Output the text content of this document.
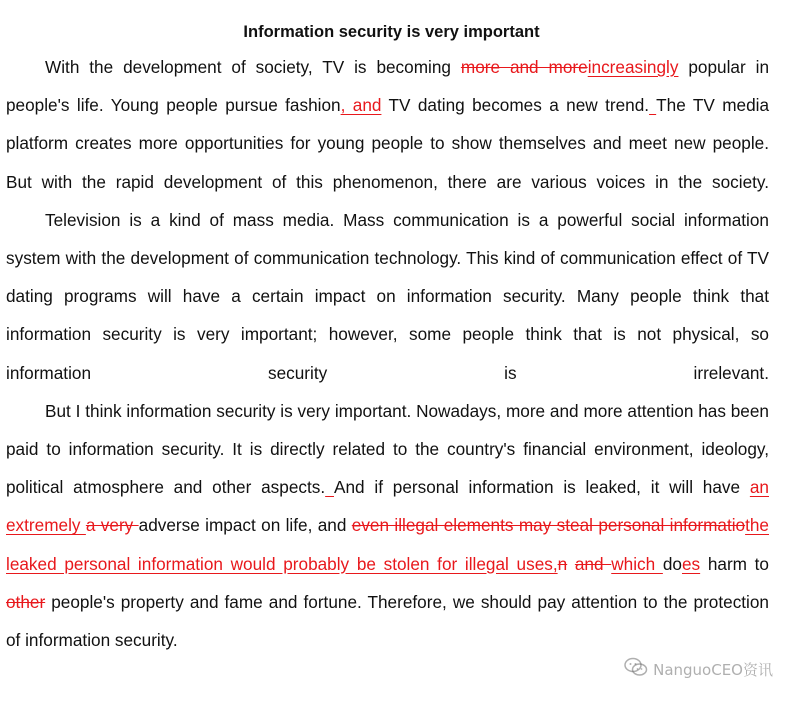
Information security is very important

With the development of society, TV is becoming more and moreincreasingly popular in people's life. Young people pursue fashion, and TV dating becomes a new trend. The TV media platform creates more opportunities for young people to show themselves and meet new people. But with the rapid development of this phenomenon, there are various voices in the society.

Television is a kind of mass media. Mass communication is a powerful social information system with the development of communication technology. This kind of communication effect of TV dating programs will have a certain impact on information security. Many people think that information security is very important; however, some people think that is not physical, so information security is irrelevant.

But I think information security is very important. Nowadays, more and more attention has been paid to information security. It is directly related to the country's financial environment, ideology, political atmosphere and other aspects. And if personal information is leaked, it will have an extremely a very adverse impact on life, and even illegal elements may steal personal informatiothe leaked personal information would probably be stolen for illegal uses,n and which does harm to other people's property and fame and fortune. Therefore, we should pay attention to the protection of information security.

NanguoCEO资讯
